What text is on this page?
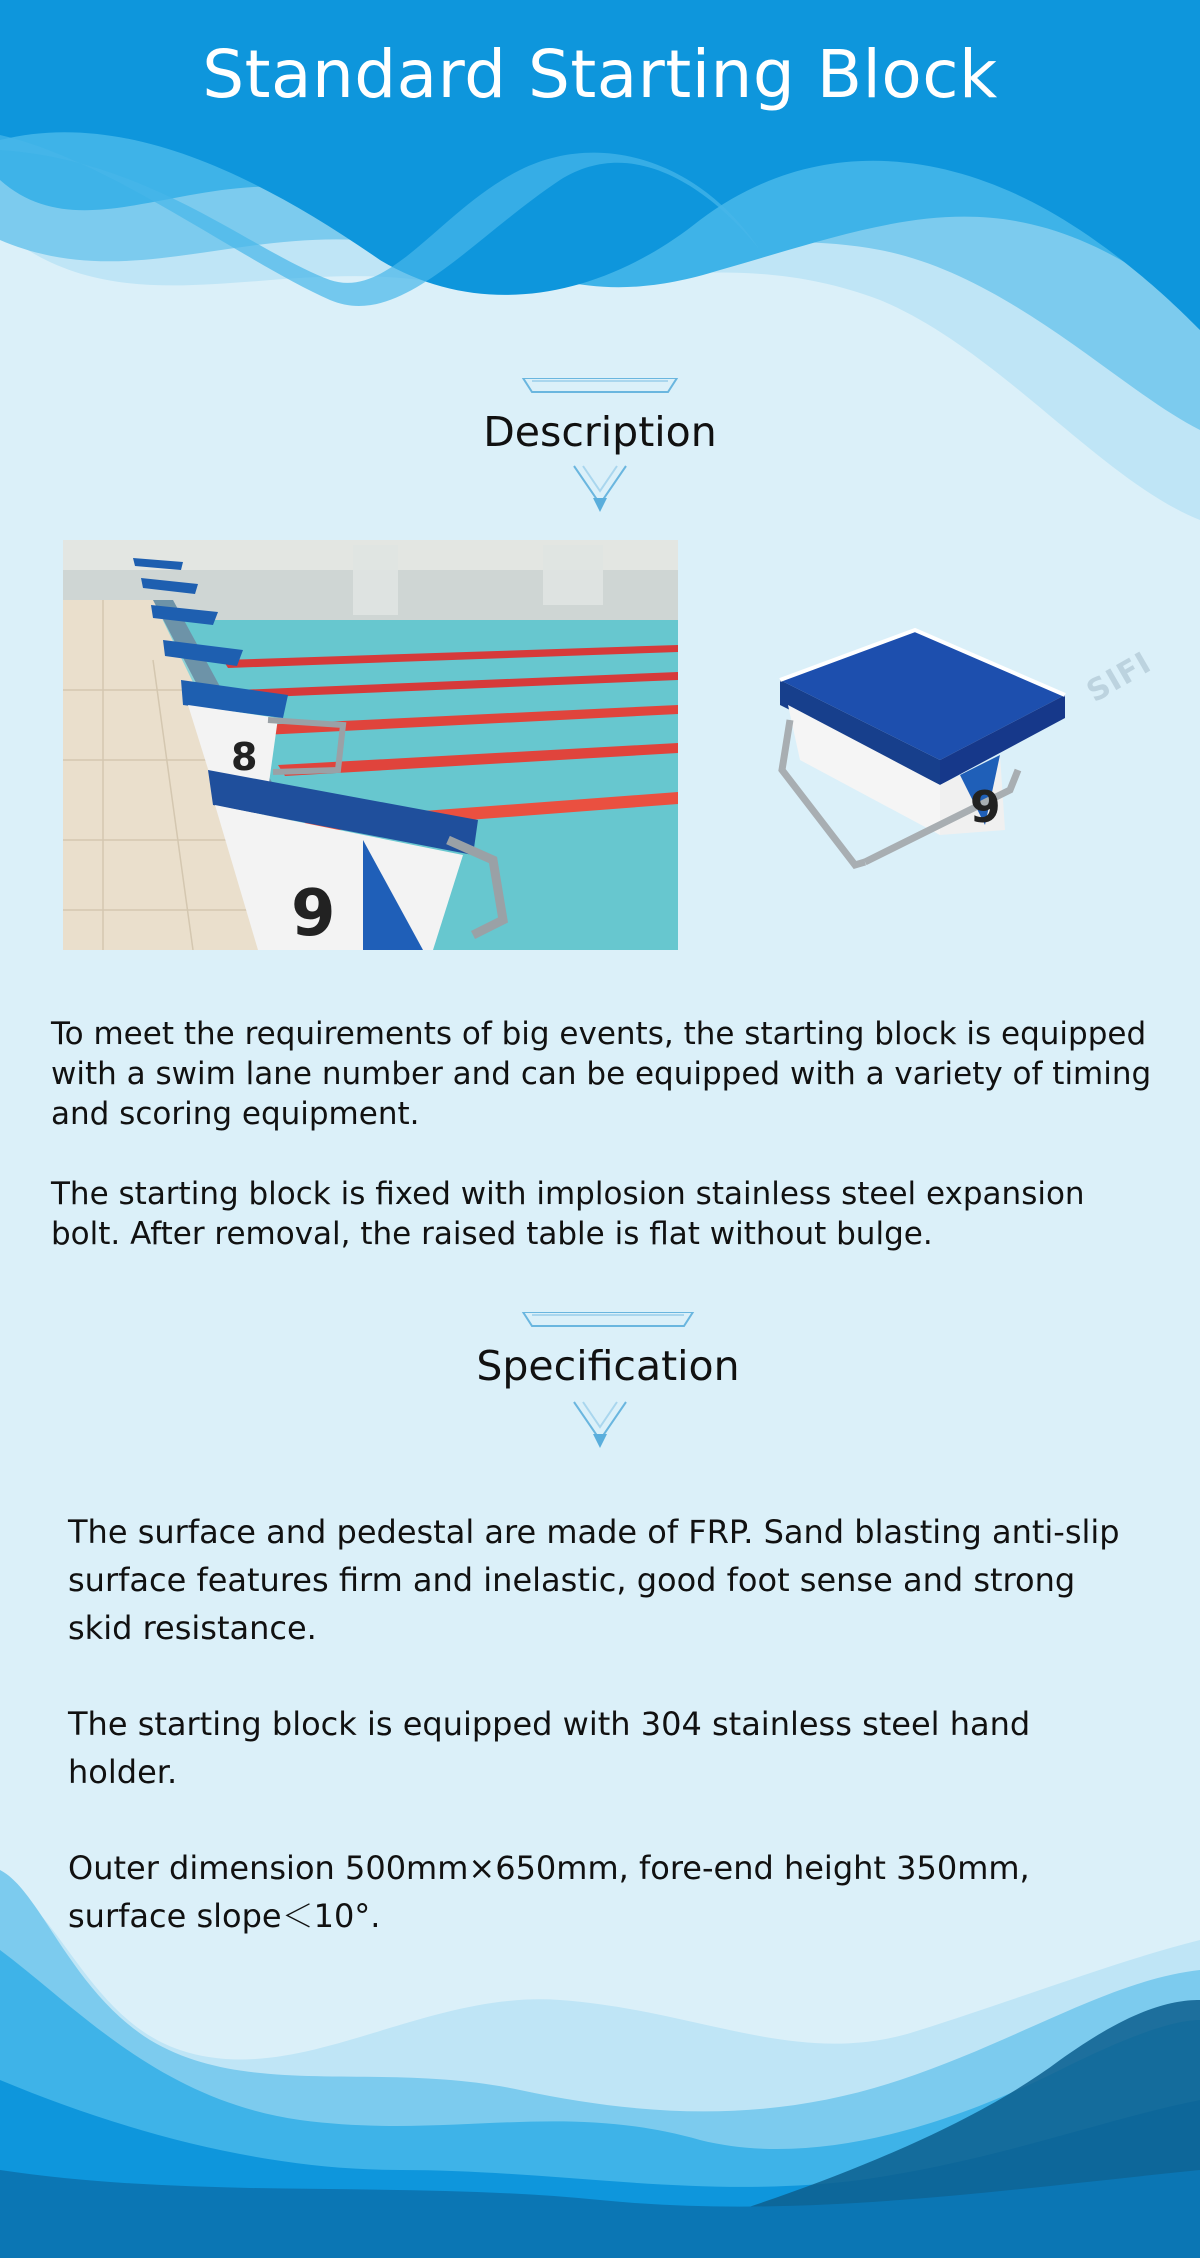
Standard Starting Block
Description
8
9
9
SIFI

To meet the requirements of big events, the starting block is equipped with a swim lane number and can be equipped with a variety of timing and scoring equipment.

The starting block is fixed with implosion stainless steel expansion bolt. After removal, the raised table is flat without bulge.

Specification

The surface and pedestal are made of FRP. Sand blasting anti-slip surface features firm and inelastic, good foot sense and strong skid resistance.

The starting block is equipped with 304 stainless steel hand holder.

Outer dimension 500mm×650mm, fore-end height 350mm, surface slope＜10°.
